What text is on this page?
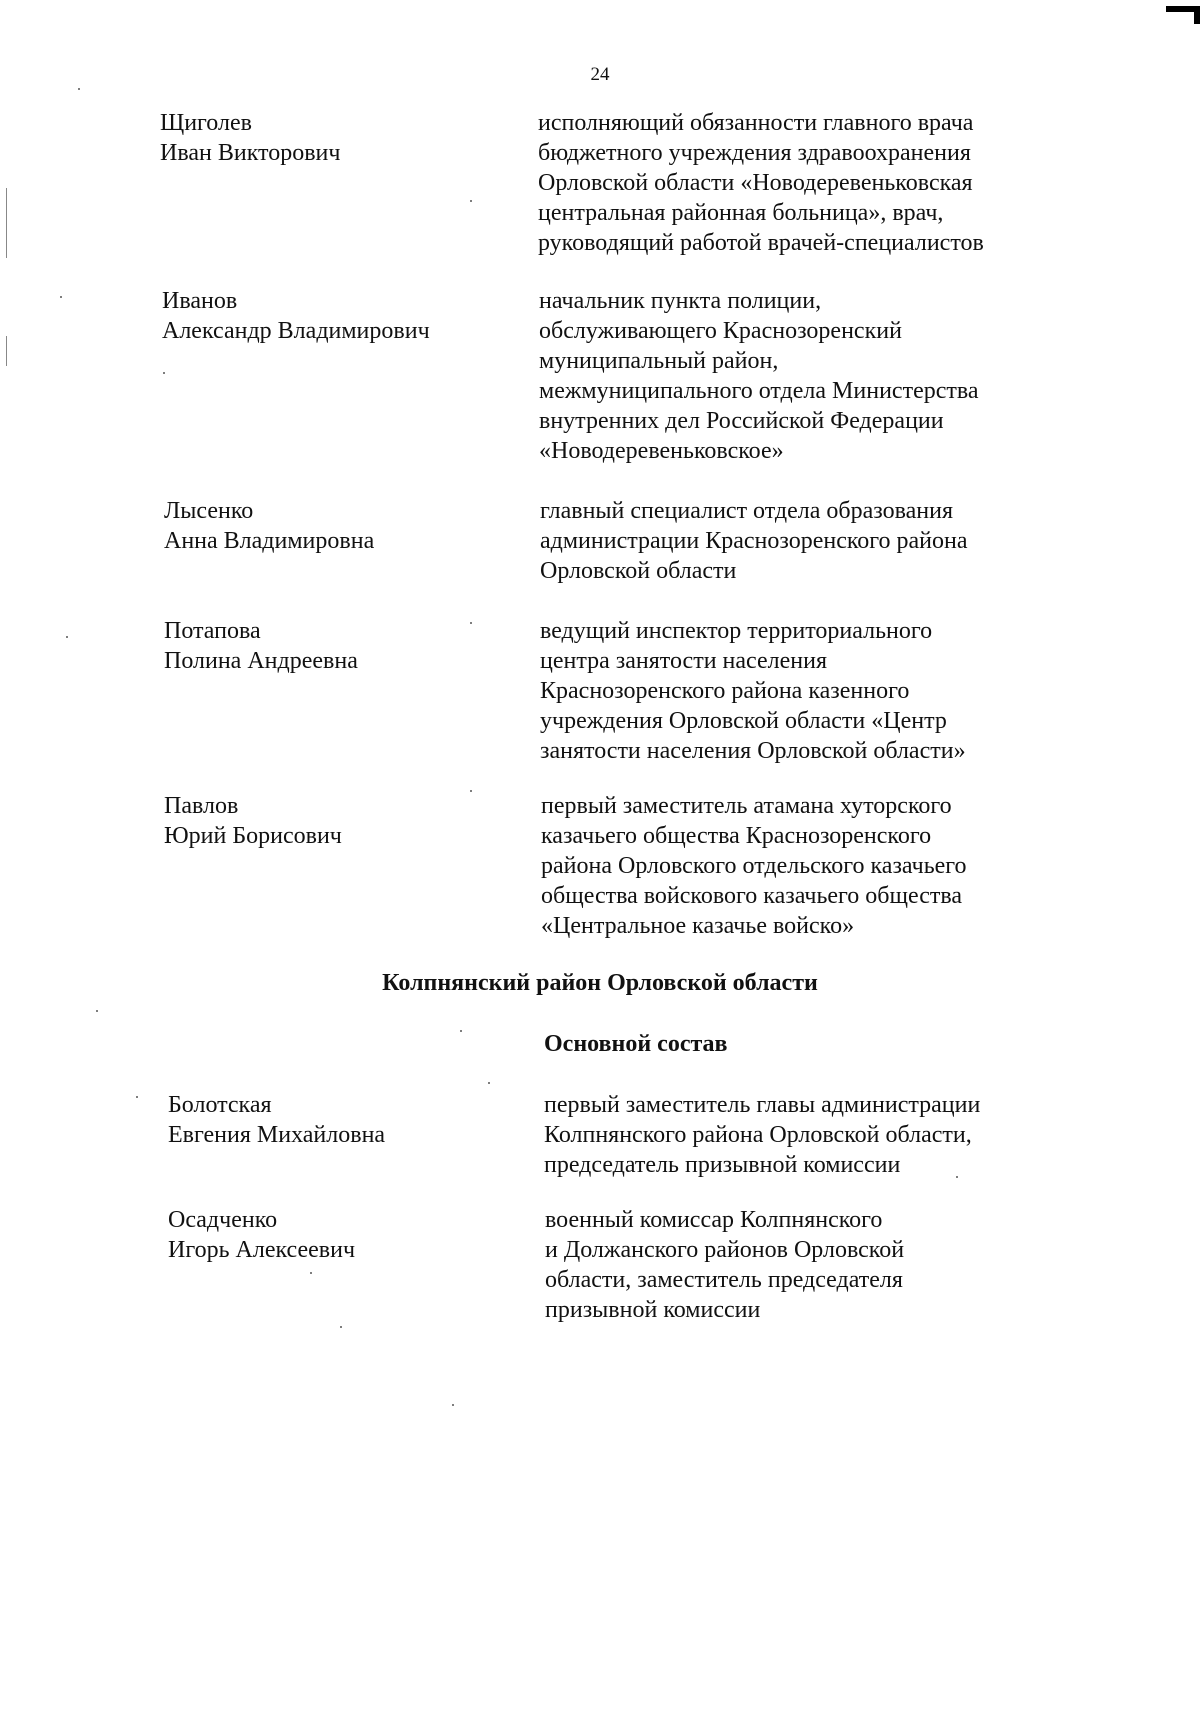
24
Щиголев
Иван Викторович
исполняющий обязанности главного врача
бюджетного учреждения здравоохранения
Орловской области «Новодеревеньковская
центральная районная больница», врач,
руководящий работой врачей-специалистов
Иванов
Александр Владимирович
начальник пункта полиции,
обслуживающего Краснозоренский
муниципальный район,
межмуниципального отдела Министерства
внутренних дел Российской Федерации
«Новодеревеньковское»
Лысенко
Анна Владимировна
главный специалист отдела образования
администрации Краснозоренского района
Орловской области
Потапова
Полина Андреевна
ведущий инспектор территориального
центра занятости населения
Краснозоренского района казенного
учреждения Орловской области «Центр
занятости населения Орловской области»
Павлов
Юрий Борисович
первый заместитель атамана хуторского
казачьего общества Краснозоренского
района Орловского отдельского казачьего
общества войскового казачьего общества
«Центральное казачье войско»
Колпнянский район Орловской области
Основной состав
Болотская
Евгения Михайловна
первый заместитель главы администрации
Колпнянского района Орловской области,
председатель призывной комиссии
Осадченко
Игорь Алексеевич
военный комиссар Колпнянского
и Должанского районов Орловской
области, заместитель председателя
призывной комиссии
